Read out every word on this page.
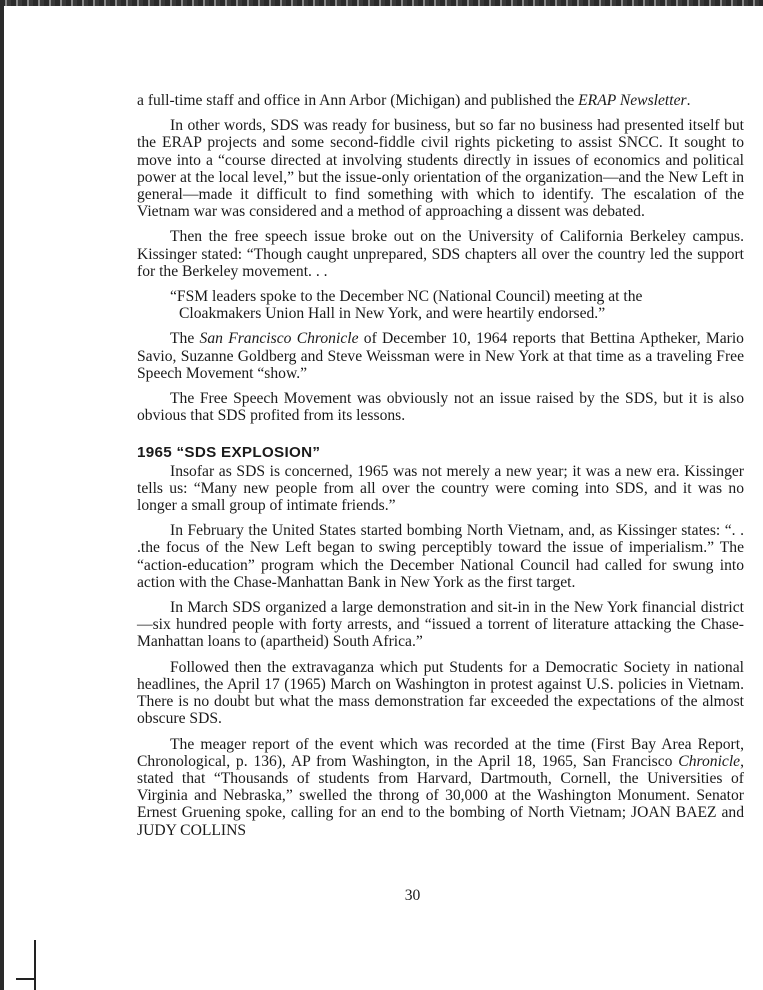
a full-time staff and office in Ann Arbor (Michigan) and published the ERAP Newsletter.

In other words, SDS was ready for business, but so far no business had presented itself but the ERAP projects and some second-fiddle civil rights picketing to assist SNCC. It sought to move into a “course directed at involving students directly in issues of economics and political power at the local level,” but the issue-only orientation of the organization—and the New Left in general—made it difficult to find something with which to identify. The escalation of the Vietnam war was considered and a method of approaching a dissent was debated.

Then the free speech issue broke out on the University of California Berkeley campus. Kissinger stated: “Though caught unprepared, SDS chapters all over the country led the support for the Berkeley movement. . .

“FSM leaders spoke to the December NC (National Council) meeting at the
Cloakmakers Union Hall in New York, and were heartily endorsed.”

The San Francisco Chronicle of December 10, 1964 reports that Bettina Aptheker, Mario Savio, Suzanne Goldberg and Steve Weissman were in New York at that time as a traveling Free Speech Movement “show.”

The Free Speech Movement was obviously not an issue raised by the SDS, but it is also obvious that SDS profited from its lessons.

1965 “SDS EXPLOSION”

Insofar as SDS is concerned, 1965 was not merely a new year; it was a new era. Kissinger tells us: “Many new people from all over the country were coming into SDS, and it was no longer a small group of intimate friends.”

In February the United States started bombing North Vietnam, and, as Kissinger states: “. . .the focus of the New Left began to swing perceptibly toward the issue of imperialism.” The “action-education” program which the December National Council had called for swung into action with the Chase-Manhattan Bank in New York as the first target.

In March SDS organized a large demonstration and sit-in in the New York financial district—six hundred people with forty arrests, and “issued a torrent of literature attacking the Chase-Manhattan loans to (apartheid) South Africa.”

Followed then the extravaganza which put Students for a Democratic Society in national headlines, the April 17 (1965) March on Washington in protest against U.S. policies in Vietnam. There is no doubt but what the mass demonstration far exceeded the expectations of the almost obscure SDS.

The meager report of the event which was recorded at the time (First Bay Area Report, Chronological, p. 136), AP from Washington, in the April 18, 1965, San Francisco Chronicle, stated that “Thousands of students from Harvard, Dartmouth, Cornell, the Universities of Virginia and Nebraska,” swelled the throng of 30,000 at the Washington Monument. Senator Ernest Gruening spoke, calling for an end to the bombing of North Vietnam; JOAN BAEZ and JUDY COLLINS

30
